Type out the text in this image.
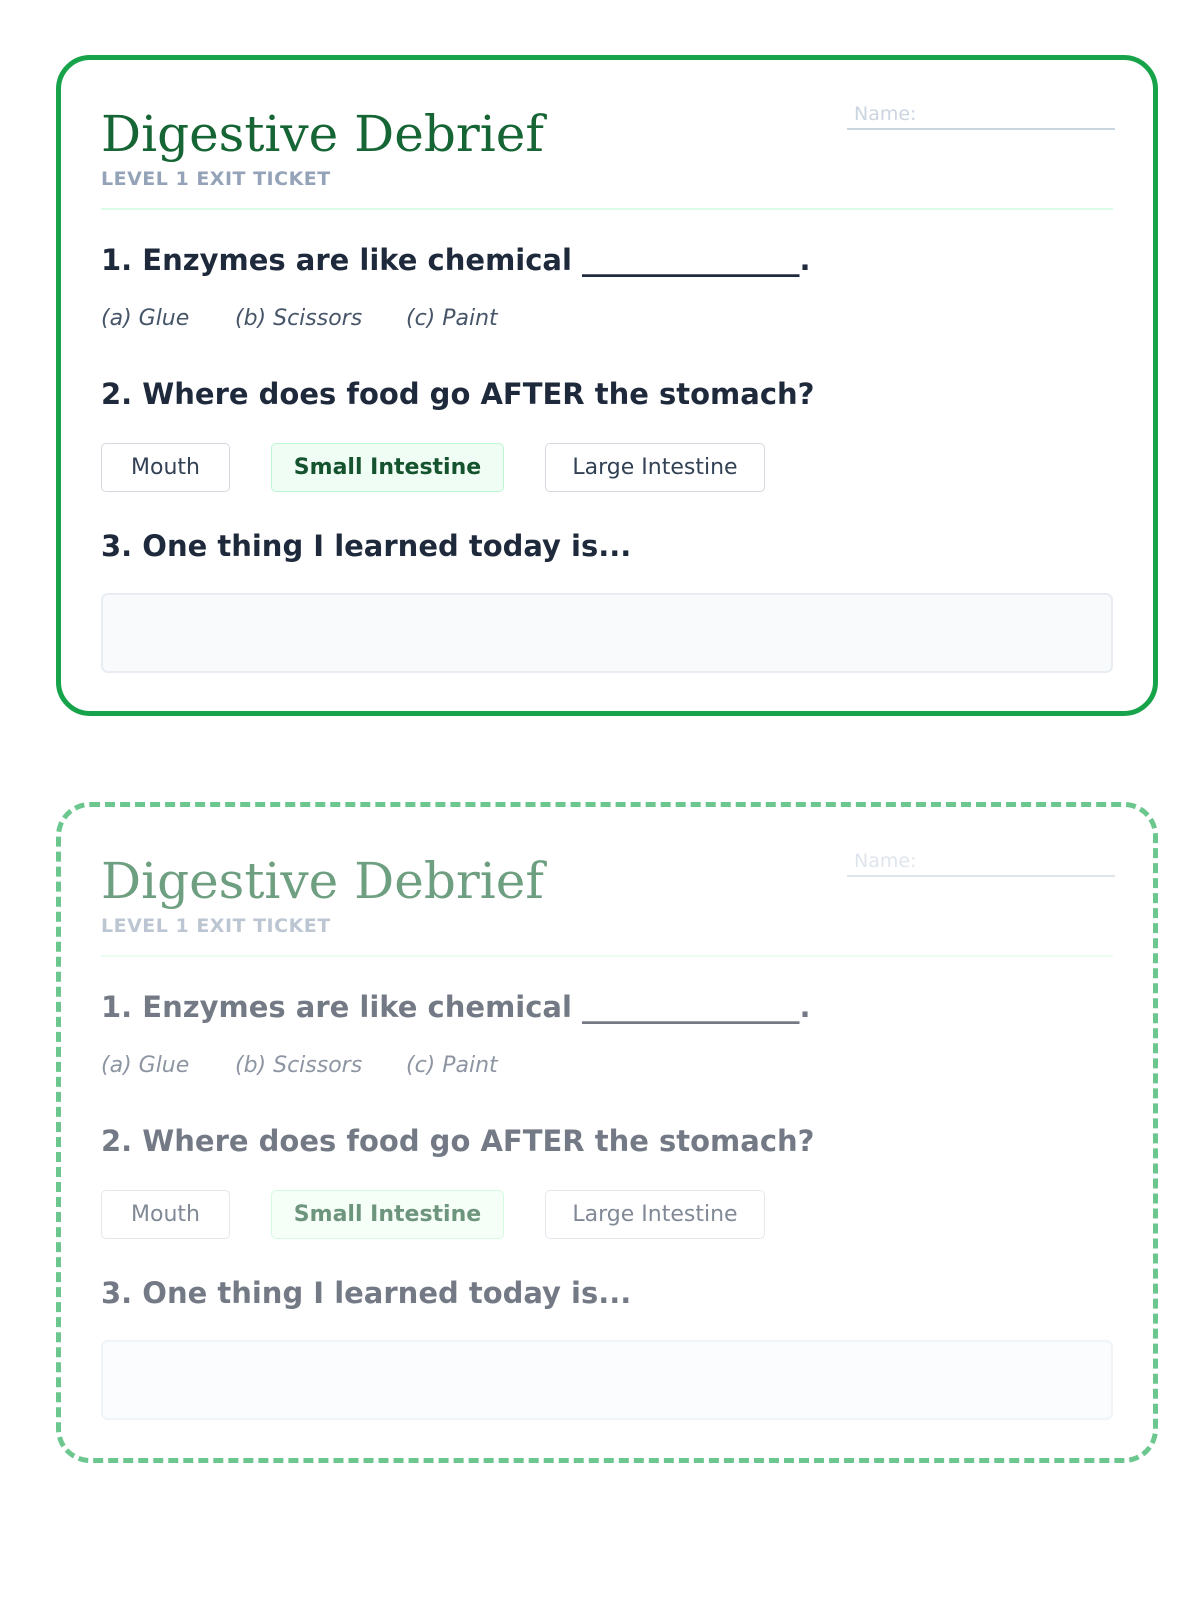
Digestive Debrief
LEVEL 1 EXIT TICKET
Name:
1. Enzymes are like chemical _______________.
(a) Glue (b) Scissors (c) Paint
2. Where does food go AFTER the stomach?
Mouth	Small Intestine	Large Intestine
3. One thing I learned today is...
Digestive Debrief
LEVEL 1 EXIT TICKET
Name:
1. Enzymes are like chemical _______________.
(a) Glue (b) Scissors (c) Paint
2. Where does food go AFTER the stomach?
Mouth	Small Intestine	Large Intestine
3. One thing I learned today is...
